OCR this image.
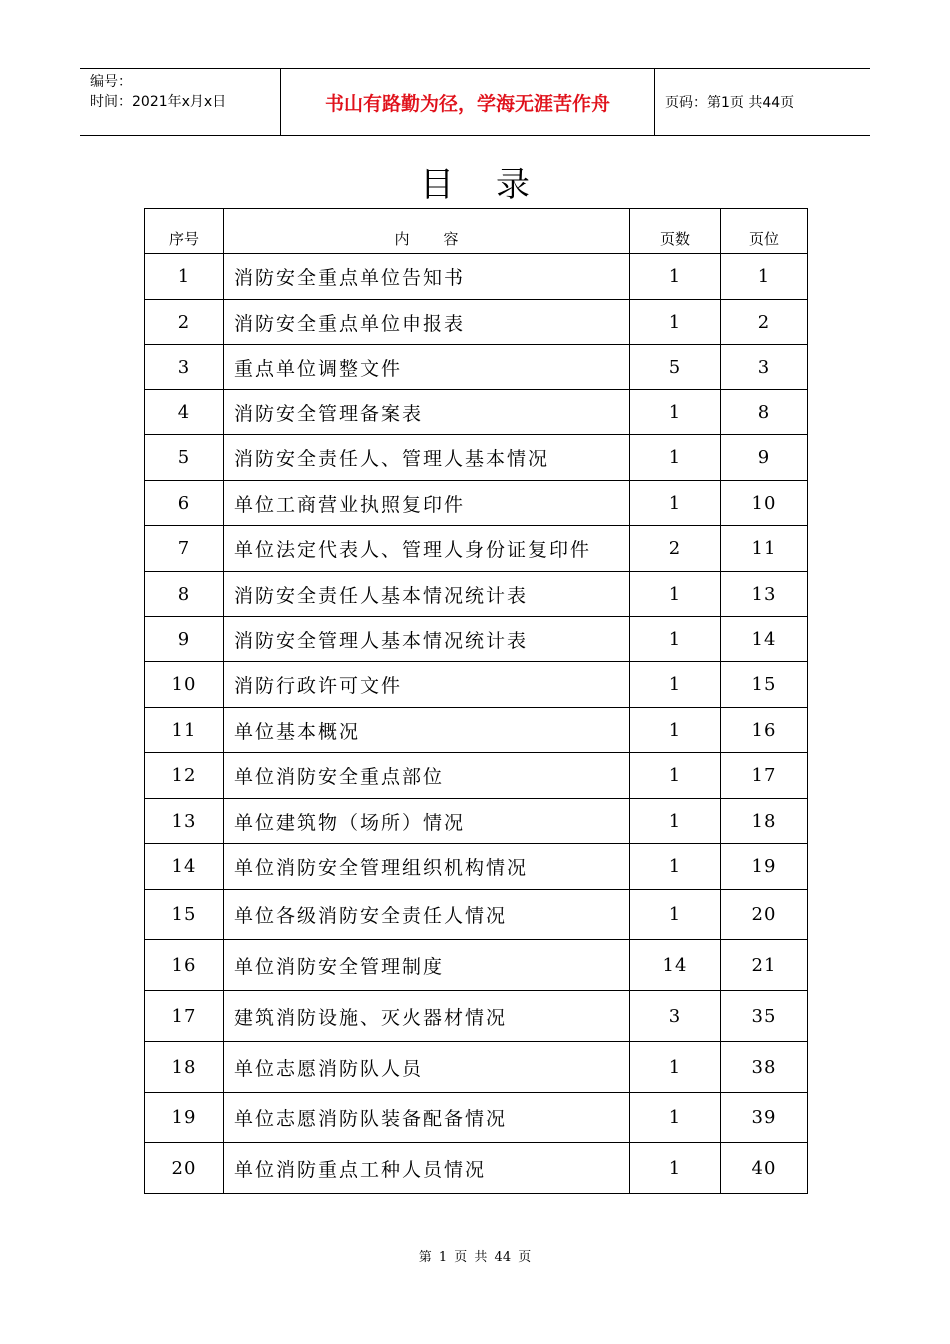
编号：
时间：2021年x月x日	书山有路勤为径，学海无涯苦作舟	页码：第1页 共44页
目录
序号	内容	页数	页位
1	消防安全重点单位告知书	1	1
2	消防安全重点单位申报表	1	2
3	重点单位调整文件	5	3
4	消防安全管理备案表	1	8
5	消防安全责任人、管理人基本情况	1	9
6	单位工商营业执照复印件	1	10
7	单位法定代表人、管理人身份证复印件	2	11
8	消防安全责任人基本情况统计表	1	13
9	消防安全管理人基本情况统计表	1	14
10	消防行政许可文件	1	15
11	单位基本概况	1	16
12	单位消防安全重点部位	1	17
13	单位建筑物（场所）情况	1	18
14	单位消防安全管理组织机构情况	1	19
15	单位各级消防安全责任人情况	1	20
16	单位消防安全管理制度	14	21
17	建筑消防设施、灭火器材情况	3	35
18	单位志愿消防队人员	1	38
19	单位志愿消防队装备配备情况	1	39
20	单位消防重点工种人员情况	1	40
第 1 页 共 44 页
